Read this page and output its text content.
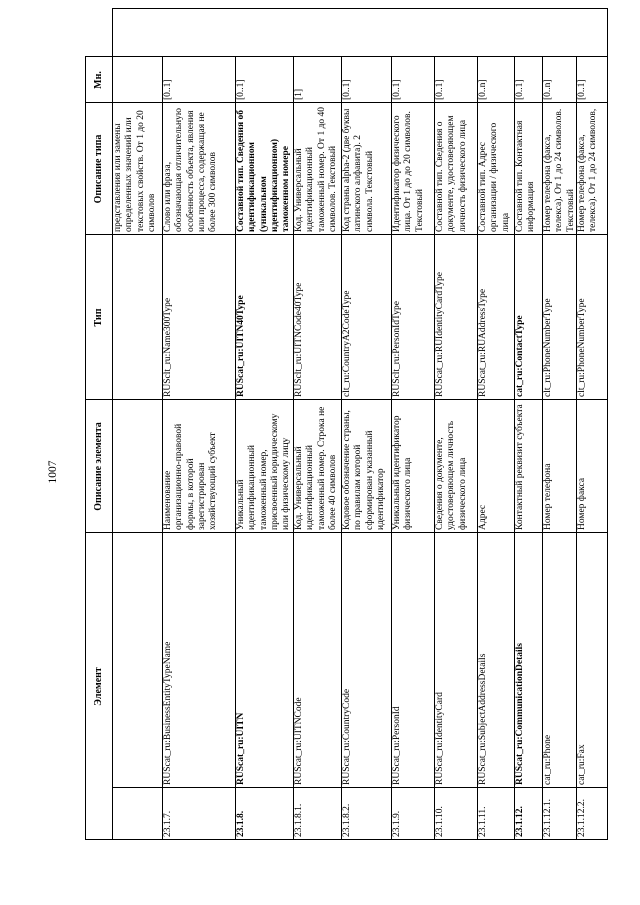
1007
Элемент
Описание элемента
Тип
Описание типа
Мн.
представления или замены определенных значений или текстовых свойств. От 1 до 20 символов
23.1.7.
RUScat_ru:BusinessEntityTypeName
Наименование организационно-правовой формы, в которой зарегистрирован хозяйствующий субъект
RUSclt_ru:Name300Type
Слово или фраза, обозначающая отличительную особенность объекта, явления или процесса, содержащая не более 300 символов
[0..1]
23.1.8.
RUScat_ru:UITN
Уникальный идентификационный таможенный номер, присвоенный юридическому или физическому лицу
RUScat_ru:UITN40Type
Составной тип. Сведения об идентификационном (уникальном идентификационном) таможенном номере
[0..1]
23.1.8.1.
RUScat_ru:UITNCode
Код. Универсальный идентификационный таможенный номер. Строка не более 40 символов
RUSclt_ru:UITNCode40Type
Код. Универсальный идентификационный таможенный номер. От 1 до 40 символов. Текстовый
[1]
23.1.8.2.
RUScat_ru:CountryCode
Кодовое обозначение страны, по правилам которой сформирован указанный идентификатор
clt_ru:CountryA2CodeType
Код страны alpha-2 (две буквы латинского алфавита). 2 символа. Текстовый
[0..1]
23.1.9.
RUScat_ru:PersonId
Уникальный идентификатор физического лица
RUSclt_ru:PersonIdType
Идентификатор физического лица. От 1 до до 20 символов. Текстовый
[0..1]
23.1.10.
RUScat_ru:IdentityCard
Сведения о документе, удостоверяющем личность физического лица
RUScat_ru:RUIdentityCardType
Составной тип. Сведения о документе, удостоверяющем личность физического лица
[0..1]
23.1.11.
RUScat_ru:SubjectAddressDetails
Адрес
RUScat_ru:RUAddressType
Составной тип. Адрес организации / физического лица
[0..n]
23.1.12.
RUScat_ru:CommunicationDetails
Контактный реквизит субъекта
cat_ru:ContactType
Составной тип. Контактная информация
[0..1]
23.1.12.1.
cat_ru:Phone
Номер телефона
clt_ru:PhoneNumberType
Номер телефона (факса, телекса). От 1 до 24 символов. Текстовый
[0..n]
23.1.12.2.
cat_ru:Fax
Номер факса
clt_ru:PhoneNumberType
Номер телефона (факса, телекса). От 1 до 24 символов,
[0..1]
